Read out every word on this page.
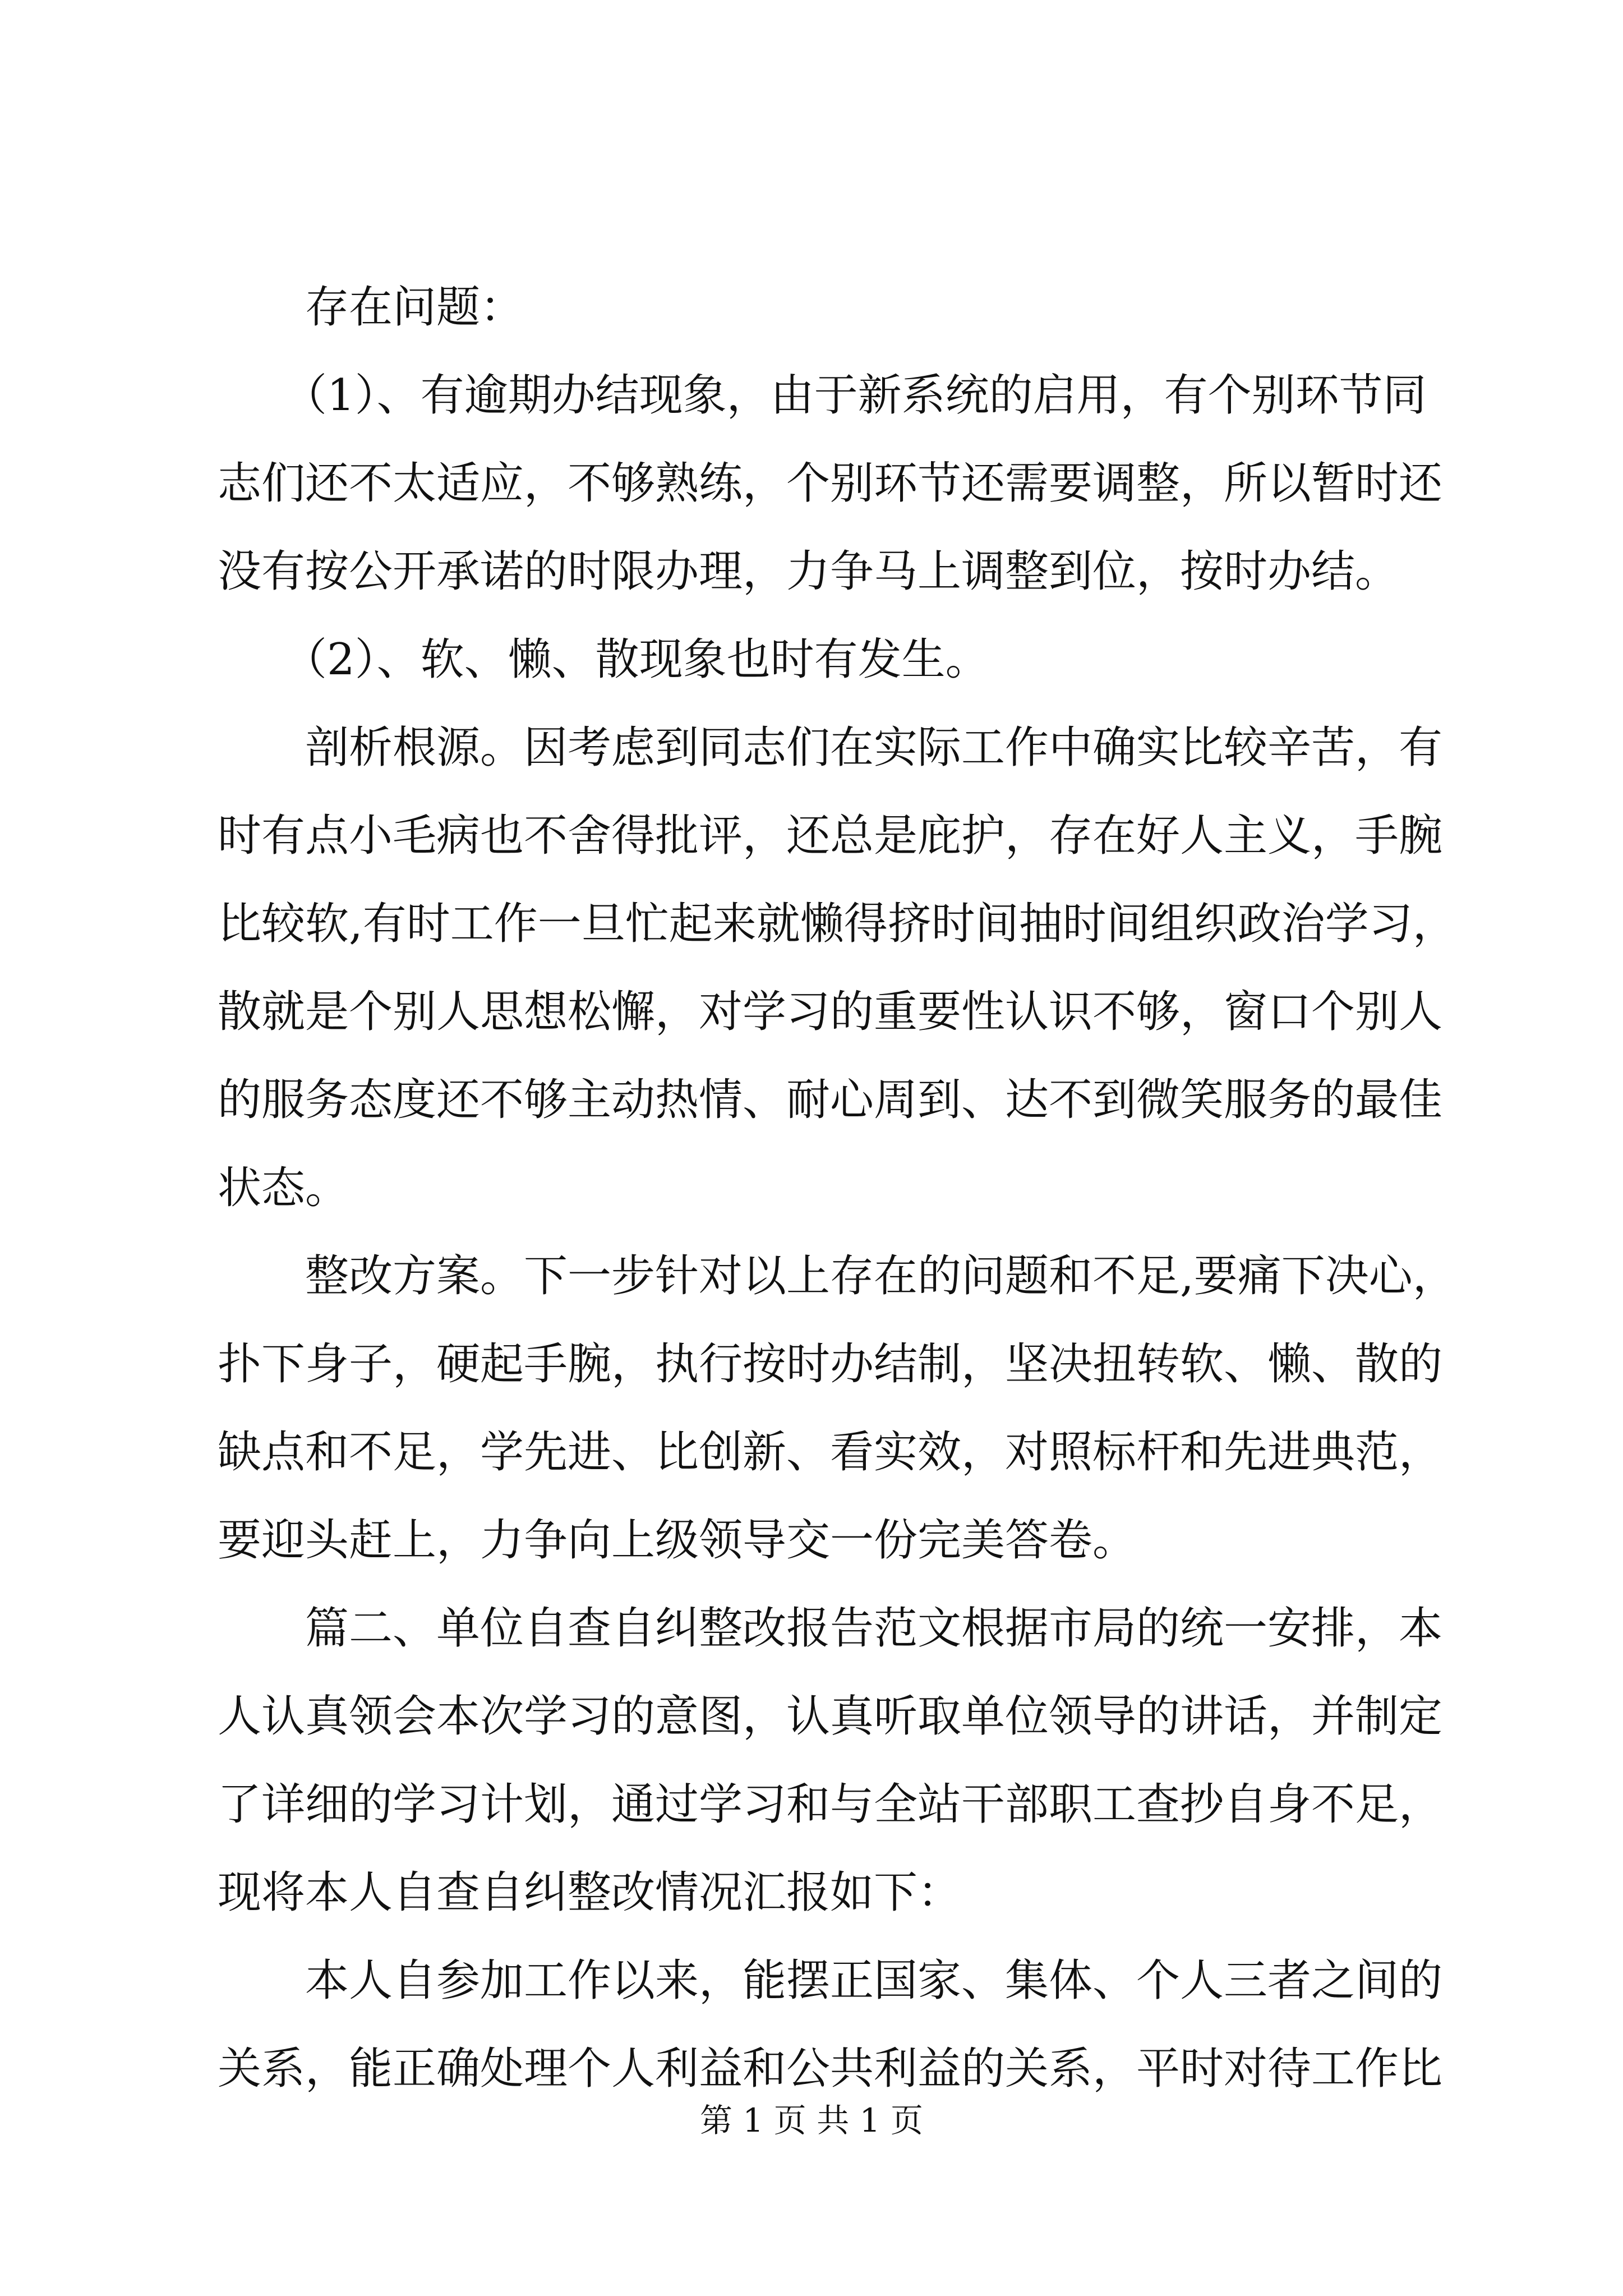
　　存在问题：
　　（1）、有逾期办结现象，由于新系统的启用，有个别环节同
志们还不太适应，不够熟练，个别环节还需要调整，所以暂时还
没有按公开承诺的时限办理，力争马上调整到位，按时办结。
　　（2）、软、懒、散现象也时有发生。
　　剖析根源。因考虑到同志们在实际工作中确实比较辛苦，有
时有点小毛病也不舍得批评，还总是庇护，存在好人主义，手腕
比较软,有时工作一旦忙起来就懒得挤时间抽时间组织政治学习，
散就是个别人思想松懈，对学习的重要性认识不够，窗口个别人
的服务态度还不够主动热情、耐心周到、达不到微笑服务的最佳
状态。
　　整改方案。下一步针对以上存在的问题和不足,要痛下决心，
扑下身子，硬起手腕，执行按时办结制，坚决扭转软、懒、散的
缺点和不足，学先进、比创新、看实效，对照标杆和先进典范，
要迎头赶上，力争向上级领导交一份完美答卷。
　　篇二、单位自查自纠整改报告范文根据市局的统一安排，本
人认真领会本次学习的意图，认真听取单位领导的讲话，并制定
了详细的学习计划，通过学习和与全站干部职工查抄自身不足，
现将本人自查自纠整改情况汇报如下：
　　本人自参加工作以来，能摆正国家、集体、个人三者之间的
关系，能正确处理个人利益和公共利益的关系，平时对待工作比
第 1 页 共 1 页
